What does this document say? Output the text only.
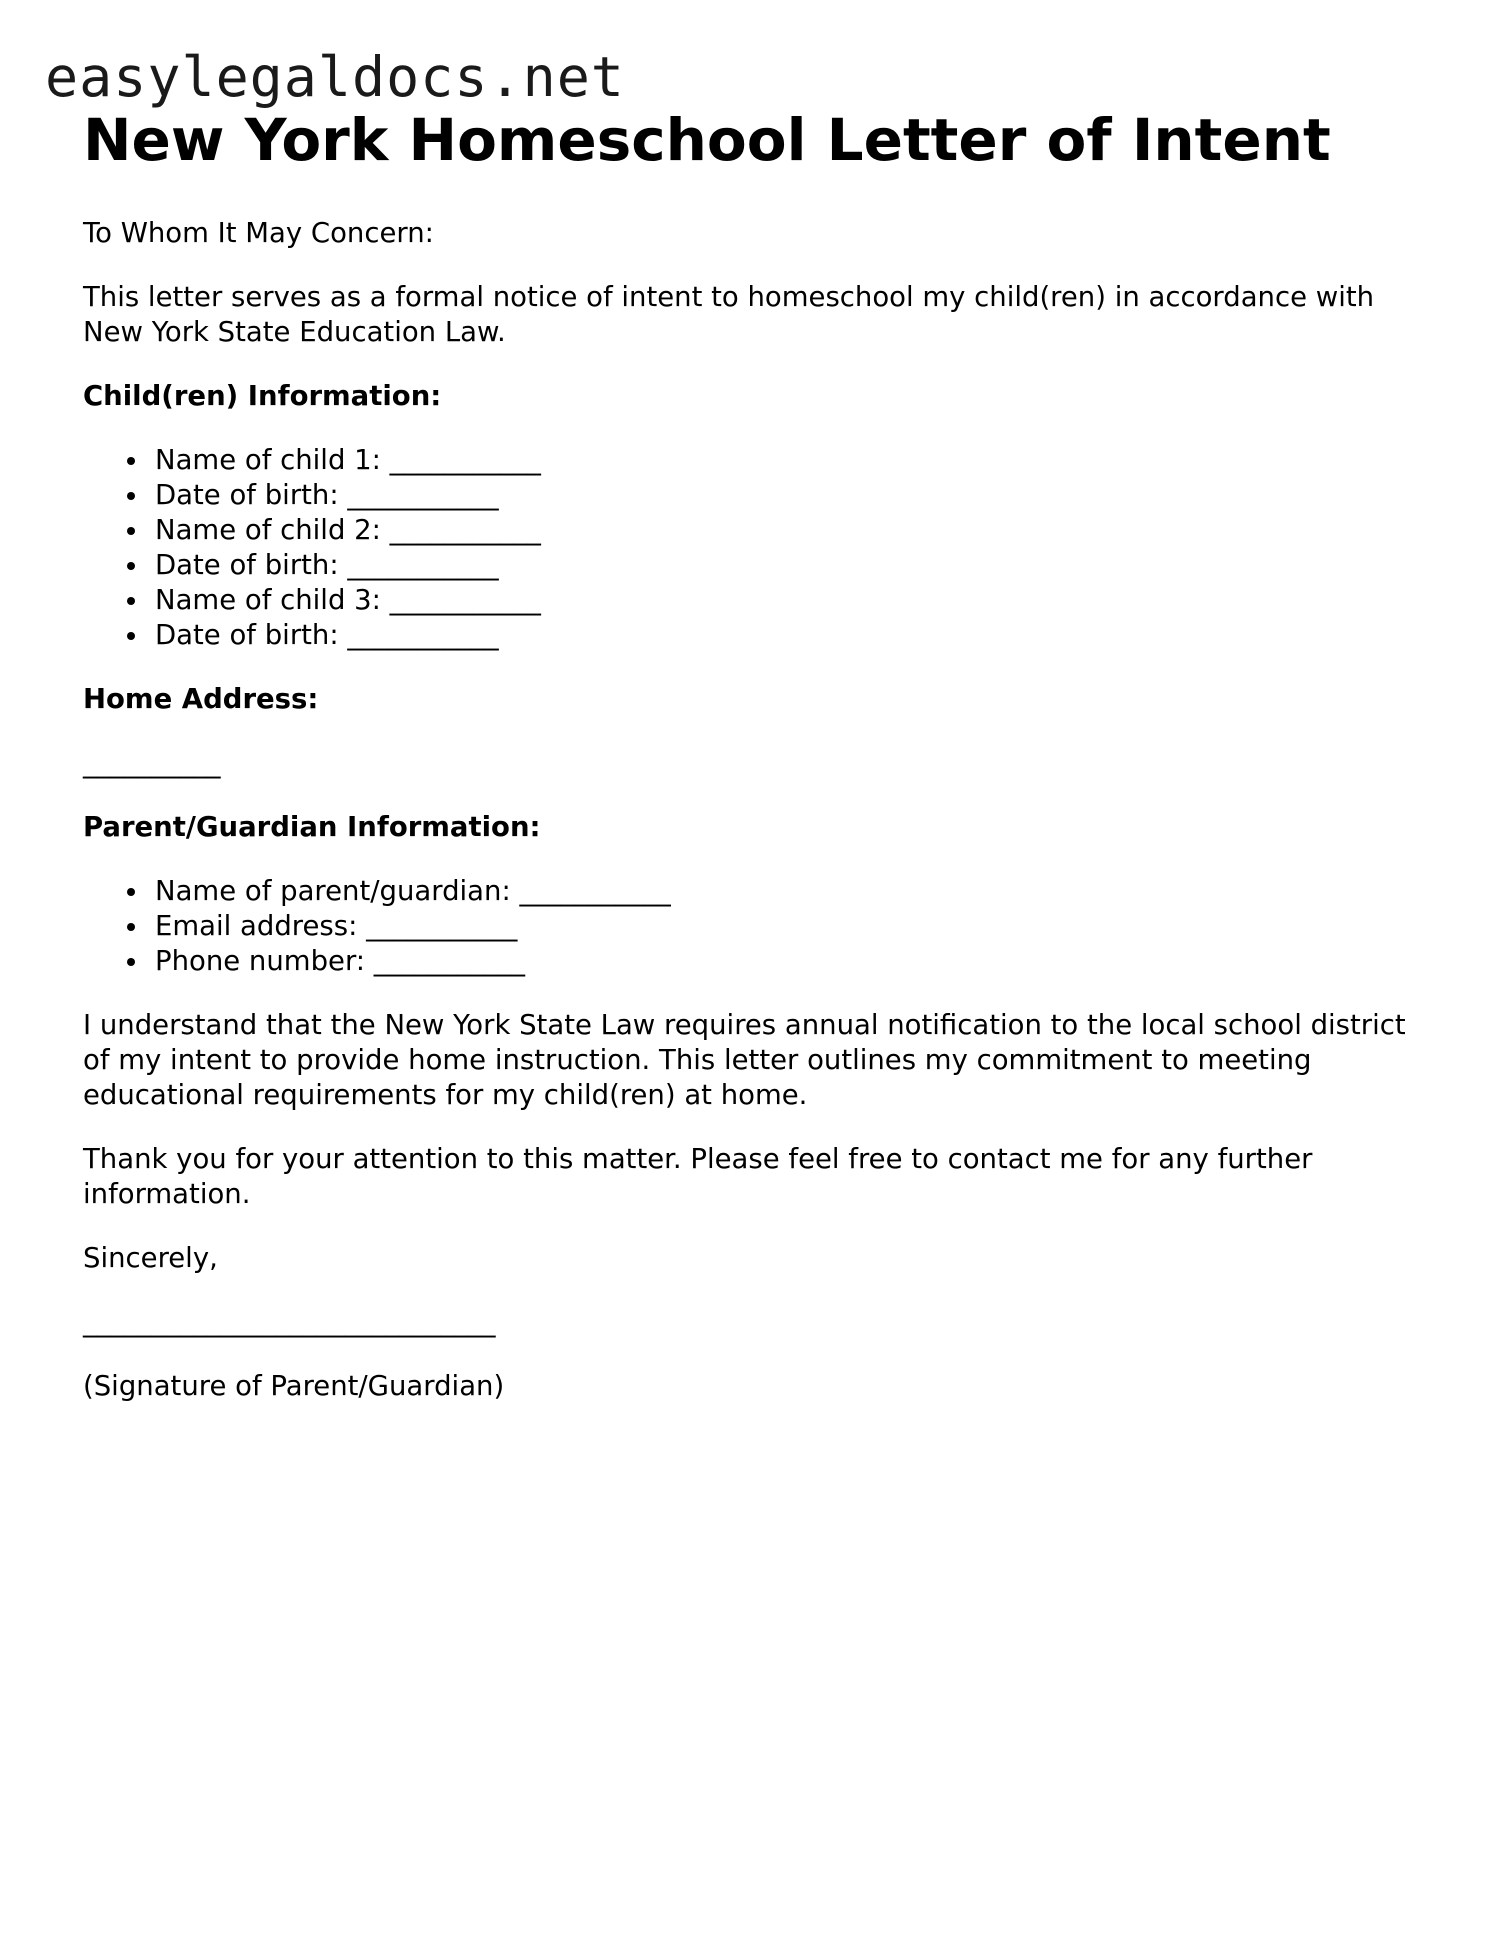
easylegaldocs.net
New York Homeschool Letter of Intent

To Whom It May Concern:

This letter serves as a formal notice of intent to homeschool my child(ren) in accordance with New York State Education Law.

Child(ren) Information:

Name of child 1: ___________
Date of birth: ___________
Name of child 2: ___________
Date of birth: ___________
Name of child 3: ___________
Date of birth: ___________

Home Address:

__________

Parent/Guardian Information:

Name of parent/guardian: ___________
Email address: ___________
Phone number: ___________

I understand that the New York State Law requires annual notification to the local school district of my intent to provide home instruction. This letter outlines my commitment to meeting educational requirements for my child(ren) at home.

Thank you for your attention to this matter. Please feel free to contact me for any further information.

Sincerely,

______________________________

(Signature of Parent/Guardian)
